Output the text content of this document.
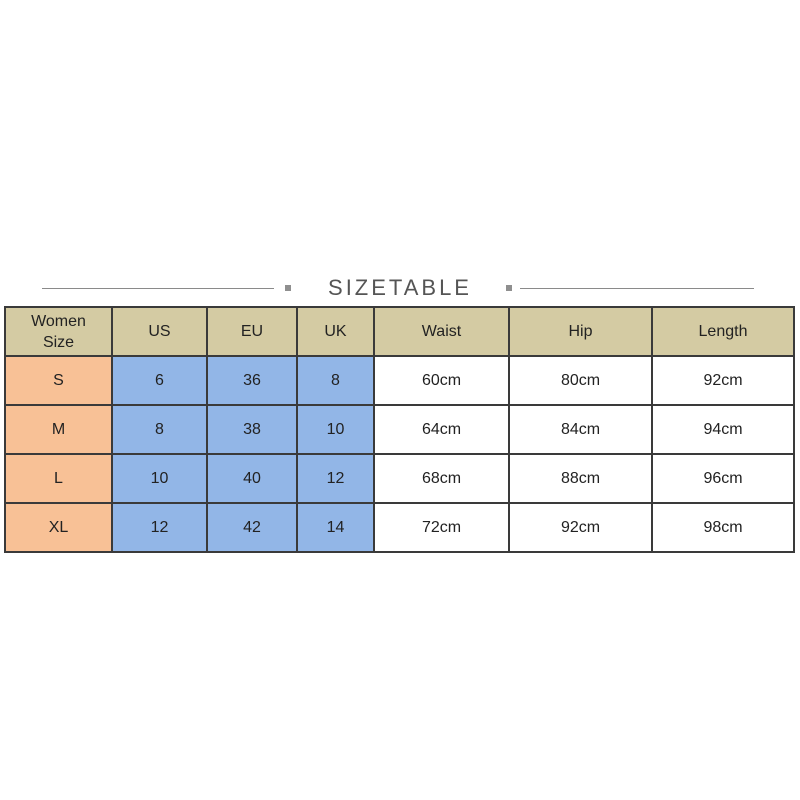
SIZETABLE
Women
Size	US	EU	UK	Waist	Hip	Length
S	6	36	8	60cm	80cm	92cm
M	8	38	10	64cm	84cm	94cm
L	10	40	12	68cm	88cm	96cm
XL	12	42	14	72cm	92cm	98cm
